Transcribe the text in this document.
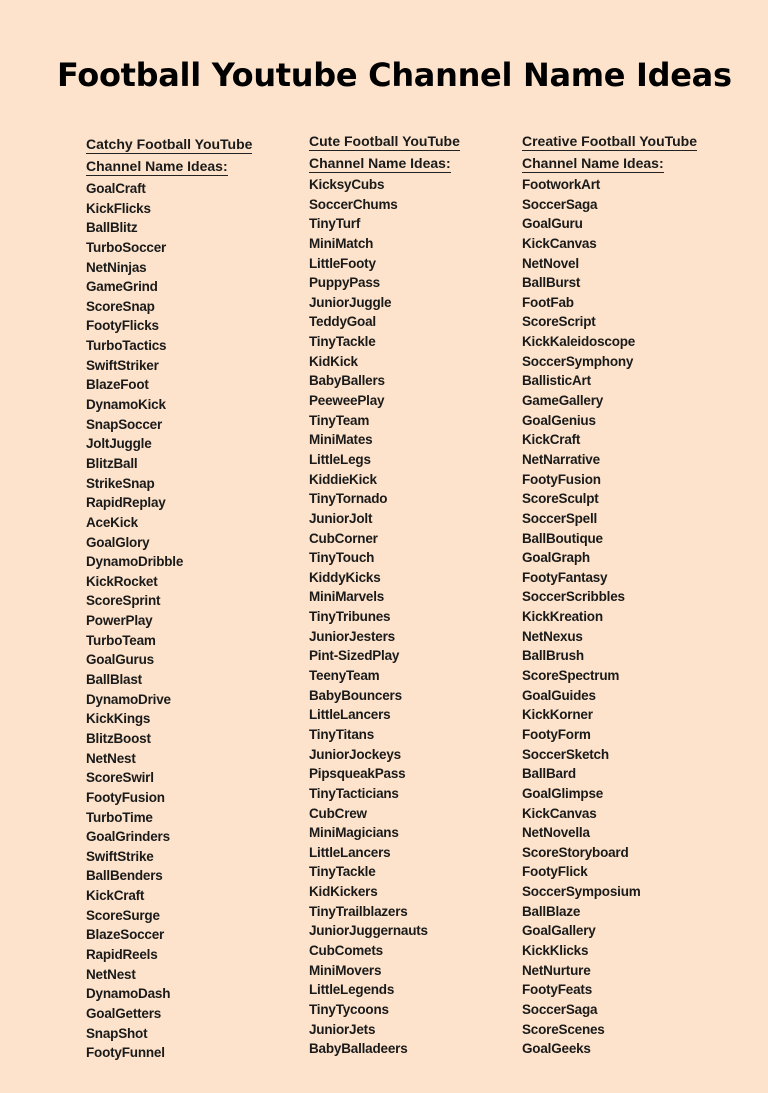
Football Youtube Channel Name Ideas
Catchy Football YouTube
Channel Name Ideas:
GoalCraft
KickFlicks
BallBlitz
TurboSoccer
NetNinjas
GameGrind
ScoreSnap
FootyFlicks
TurboTactics
SwiftStriker
BlazeFoot
DynamoKick
SnapSoccer
JoltJuggle
BlitzBall
StrikeSnap
RapidReplay
AceKick
GoalGlory
DynamoDribble
KickRocket
ScoreSprint
PowerPlay
TurboTeam
GoalGurus
BallBlast
DynamoDrive
KickKings
BlitzBoost
NetNest
ScoreSwirl
FootyFusion
TurboTime
GoalGrinders
SwiftStrike
BallBenders
KickCraft
ScoreSurge
BlazeSoccer
RapidReels
NetNest
DynamoDash
GoalGetters
SnapShot
FootyFunnel
Cute Football YouTube
Channel Name Ideas:
KicksyCubs
SoccerChums
TinyTurf
MiniMatch
LittleFooty
PuppyPass
JuniorJuggle
TeddyGoal
TinyTackle
KidKick
BabyBallers
PeeweePlay
TinyTeam
MiniMates
LittleLegs
KiddieKick
TinyTornado
JuniorJolt
CubCorner
TinyTouch
KiddyKicks
MiniMarvels
TinyTribunes
JuniorJesters
Pint-SizedPlay
TeenyTeam
BabyBouncers
LittleLancers
TinyTitans
JuniorJockeys
PipsqueakPass
TinyTacticians
CubCrew
MiniMagicians
LittleLancers
TinyTackle
KidKickers
TinyTrailblazers
JuniorJuggernauts
CubComets
MiniMovers
LittleLegends
TinyTycoons
JuniorJets
BabyBalladeers
Creative Football YouTube
Channel Name Ideas:
FootworkArt
SoccerSaga
GoalGuru
KickCanvas
NetNovel
BallBurst
FootFab
ScoreScript
KickKaleidoscope
SoccerSymphony
BallisticArt
GameGallery
GoalGenius
KickCraft
NetNarrative
FootyFusion
ScoreSculpt
SoccerSpell
BallBoutique
GoalGraph
FootyFantasy
SoccerScribbles
KickKreation
NetNexus
BallBrush
ScoreSpectrum
GoalGuides
KickKorner
FootyForm
SoccerSketch
BallBard
GoalGlimpse
KickCanvas
NetNovella
ScoreStoryboard
FootyFlick
SoccerSymposium
BallBlaze
GoalGallery
KickKlicks
NetNurture
FootyFeats
SoccerSaga
ScoreScenes
GoalGeeks
